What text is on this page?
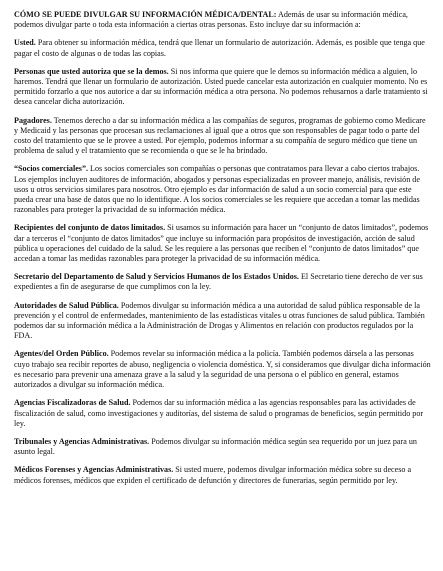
CÓMO SE PUEDE DIVULGAR SU INFORMACIÓN MÉDICA/DENTAL: Además de usar su información médica, podemos divulgar parte o toda esta información a ciertas otras personas. Esto incluye dar su información a:

Usted. Para obtener su información médica, tendrá que llenar un formulario de autorización. Además, es posible que tenga que pagar el costo de algunas o de todas las copias.

Personas que usted autoriza que se la demos. Si nos informa que quiere que le demos su información médica a alguien, lo haremos. Tendrá que llenar un formulario de autorización. Usted puede cancelar esta autorización en cualquier momento. No es permitido forzarlo a que nos autorice a dar su información médica a otra persona. No podemos rehusarnos a darle tratamiento si desea cancelar dicha autorización.

Pagadores. Tenemos derecho a dar su información médica a las compañías de seguros, programas de gobierno como Medicare y Medicaid y las personas que procesan sus reclamaciones al igual que a otros que son responsables de pagar todo o parte del costo del tratamiento que se le provee a usted. Por ejemplo, podemos informar a su compañía de seguro médico que tiene un problema de salud y el tratamiento que se recomienda o que se le ha brindado.

“Socios comerciales”. Los socios comerciales son compañías o personas que contratamos para llevar a cabo ciertos trabajos. Los ejemplos incluyen auditores de información, abogados y personas especializadas en proveer manejo, análisis, revisión de usos u otros servicios similares para nosotros. Otro ejemplo es dar información de salud a un socio comercial para que este pueda crear una base de datos que no lo identifique. A los socios comerciales se les requiere que accedan a tomar las medidas razonables para proteger la privacidad de su información médica.

Recipientes del conjunto de datos limitados. Si usamos su información para hacer un “conjunto de datos limitados”, podemos dar a terceros el “conjunto de datos limitados” que incluye su información para propósitos de investigación, acción de salud pública u operaciones del cuidado de la salud. Se les requiere a las personas que reciben el “conjunto de datos limitados” que accedan a tomar las medidas razonables para proteger la privacidad de su información médica.

Secretario del Departamento de Salud y Servicios Humanos de los Estados Unidos. El Secretario tiene derecho de ver sus expedientes a fin de asegurarse de que cumplimos con la ley.

Autoridades de Salud Pública. Podemos divulgar su información médica a una autoridad de salud pública responsable de la prevención y el control de enfermedades, mantenimiento de las estadísticas vitales u otras funciones de salud pública. También podemos dar su información médica a la Administración de Drogas y Alimentos en relación con productos regulados por la FDA.

Agentes/del Orden Público. Podemos revelar su información médica a la policía. También podemos dársela a las personas cuyo trabajo sea recibir reportes de abuso, negligencia o violencia doméstica. Y, si consideramos que divulgar dicha información es necesario para prevenir una amenaza grave a la salud y la seguridad de una persona o el público en general, estamos autorizados a divulgar su información médica.

Agencias Fiscalizadoras de Salud. Podemos dar su información médica a las agencias responsables para las actividades de fiscalización de salud, como investigaciones y auditorías, del sistema de salud o programas de beneficios, según permitido por ley.

Tribunales y Agencias Administrativas. Podemos divulgar su información médica según sea requerido por un juez para un asunto legal.

Médicos Forenses y Agencias Administrativas. Si usted muere, podemos divulgar información médica sobre su deceso a médicos forenses, médicos que expiden el certificado de defunción y directores de funerarias, según permitido por ley.
